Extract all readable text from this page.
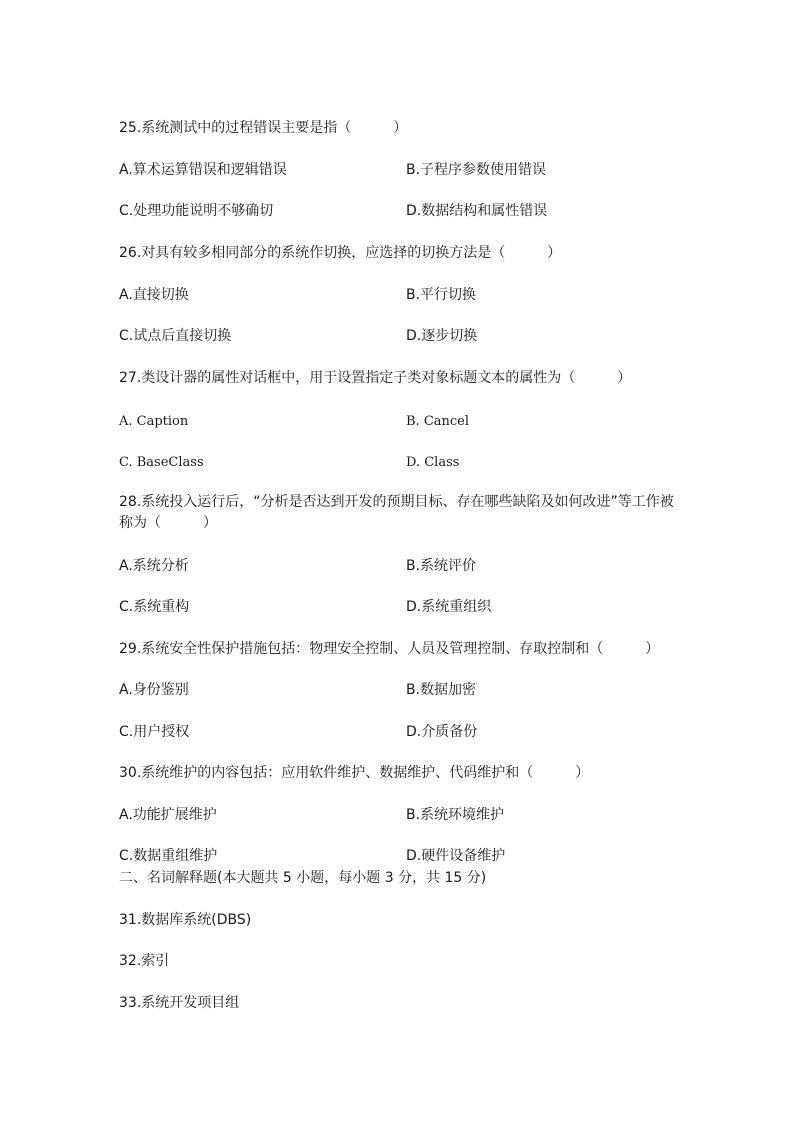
25.系统测试中的过程错误主要是指（　　　）
A.算术运算错误和逻辑错误	B.子程序参数使用错误
C.处理功能说明不够确切	D.数据结构和属性错误
26.对具有较多相同部分的系统作切换，应选择的切换方法是（　　　）
A.直接切换	B.平行切换
C.试点后直接切换	D.逐步切换
27.类设计器的属性对话框中，用于设置指定子类对象标题文本的属性为（　　　）
A. Caption	B. Cancel
C. BaseClass	D. Class
28.系统投入运行后，“分析是否达到开发的预期目标、存在哪些缺陷及如何改进”等工作被称为（　　　）
A.系统分析	B.系统评价
C.系统重构	D.系统重组织
29.系统安全性保护措施包括：物理安全控制、人员及管理控制、存取控制和（　　　）
A.身份鉴别	B.数据加密
C.用户授权	D.介质备份
30.系统维护的内容包括：应用软件维护、数据维护、代码维护和（　　　）
A.功能扩展维护	B.系统环境维护
C.数据重组维护	D.硬件设备维护
二、名词解释题(本大题共 5 小题，每小题 3 分，共 15 分)
31.数据库系统(DBS)
32.索引
33.系统开发项目组
